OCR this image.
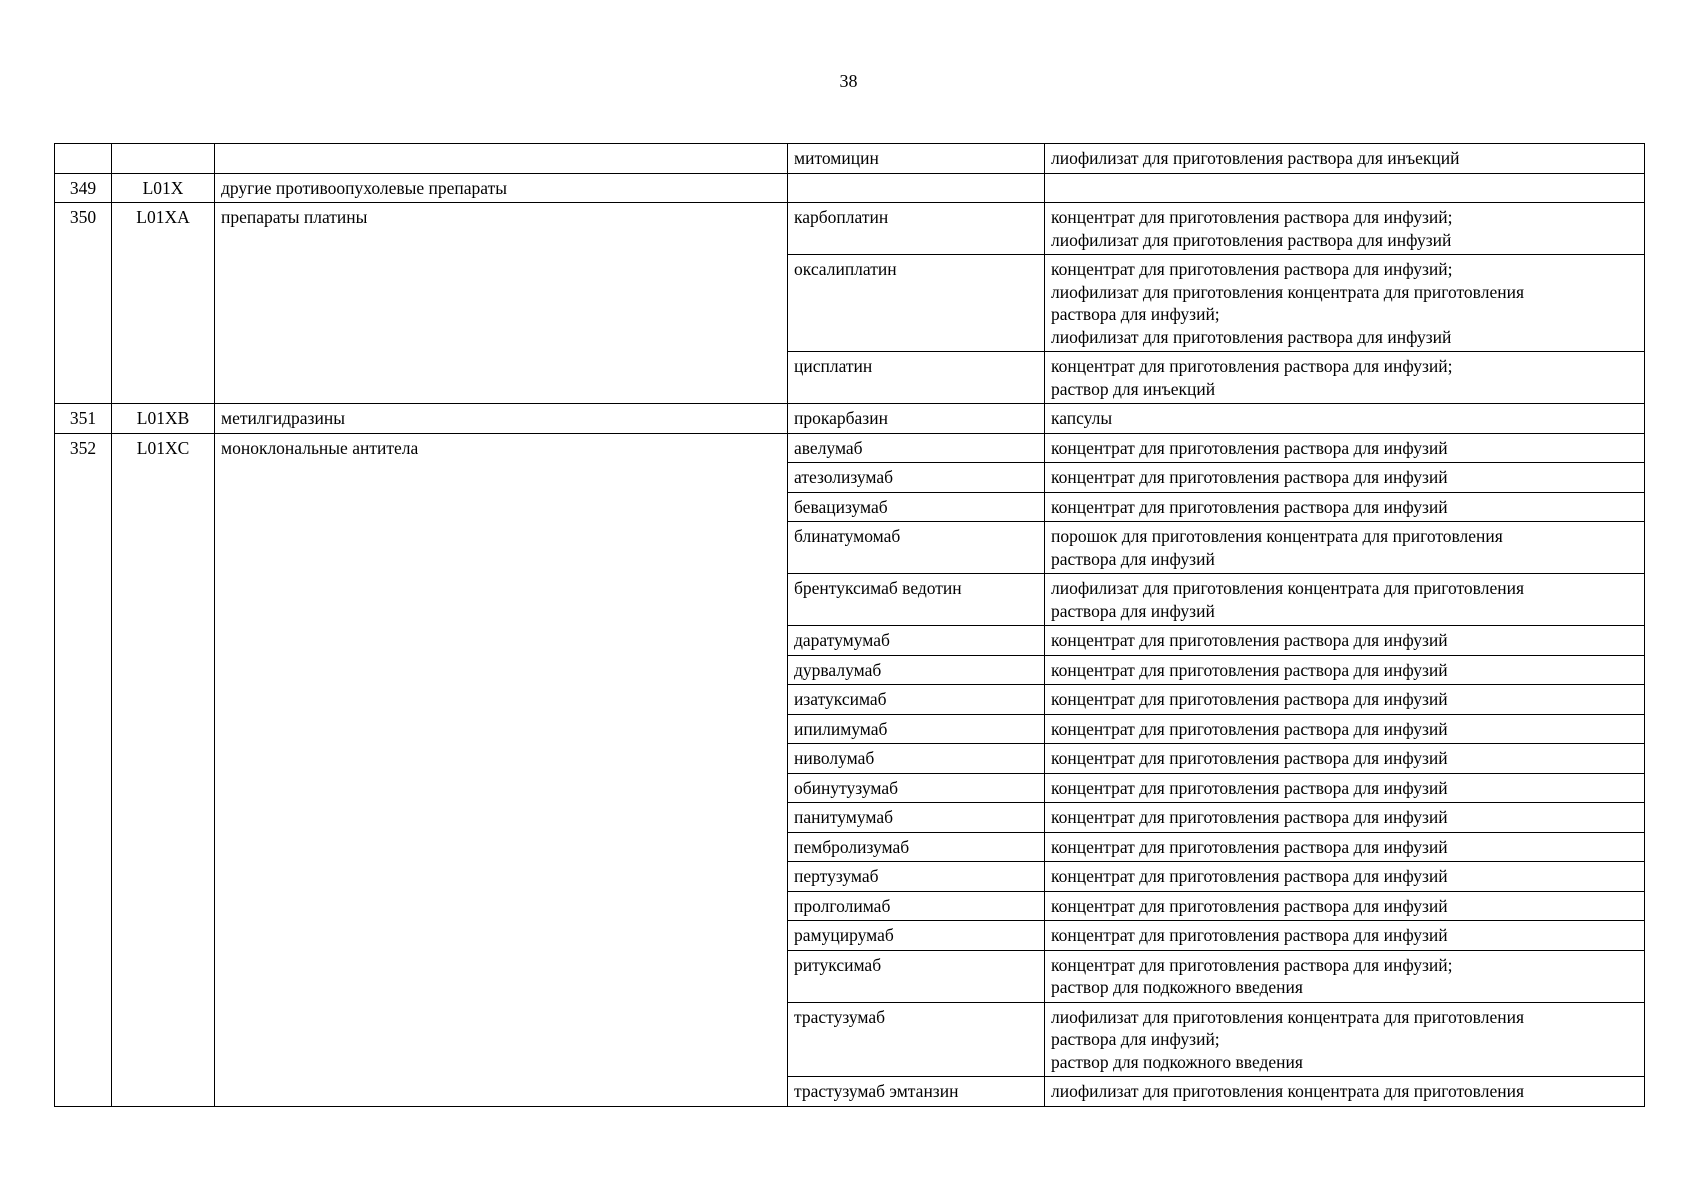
38
			митомицин	лиофилизат для приготовления раствора для инъекций

349	L01X	другие противоопухолевые препараты		

350	L01XA	препараты платины	карбоплатин	концентрат для приготовления раствора для инфузий;
лиофилизат для приготовления раствора для инфузий

			оксалиплатин	концентрат для приготовления раствора для инфузий;
лиофилизат для приготовления концентрата для приготовления
раствора для инфузий;
лиофилизат для приготовления раствора для инфузий

			цисплатин	концентрат для приготовления раствора для инфузий;
раствор для инъекций

351	L01XB	метилгидразины	прокарбазин	капсулы

352	L01XC	моноклональные антитела	авелумаб	концентрат для приготовления раствора для инфузий

			атезолизумаб	концентрат для приготовления раствора для инфузий

			бевацизумаб	концентрат для приготовления раствора для инфузий

			блинатумомаб	порошок для приготовления концентрата для приготовления
раствора для инфузий

			брентуксимаб ведотин	лиофилизат для приготовления концентрата для приготовления
раствора для инфузий

			даратумумаб	концентрат для приготовления раствора для инфузий

			дурвалумаб	концентрат для приготовления раствора для инфузий

			изатуксимаб	концентрат для приготовления раствора для инфузий

			ипилимумаб	концентрат для приготовления раствора для инфузий

			ниволумаб	концентрат для приготовления раствора для инфузий

			обинутузумаб	концентрат для приготовления раствора для инфузий

			панитумумаб	концентрат для приготовления раствора для инфузий

			пембролизумаб	концентрат для приготовления раствора для инфузий

			пертузумаб	концентрат для приготовления раствора для инфузий

			пролголимаб	концентрат для приготовления раствора для инфузий

			рамуцирумаб	концентрат для приготовления раствора для инфузий

			ритуксимаб	концентрат для приготовления раствора для инфузий;
раствор для подкожного введения

			трастузумаб	лиофилизат для приготовления концентрата для приготовления
раствора для инфузий;
раствор для подкожного введения

			трастузумаб эмтанзин	лиофилизат для приготовления концентрата для приготовления
